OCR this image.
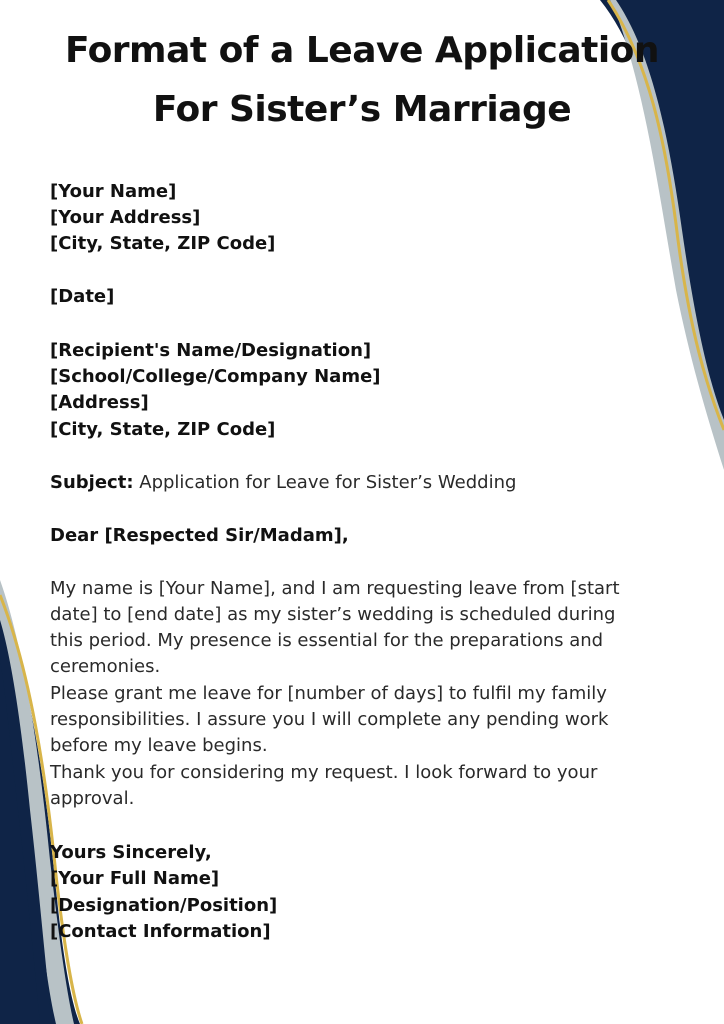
Format of a Leave Application
For Sister’s Marriage
[Your Name]
[Your Address]
[City, State, ZIP Code]
[Date]
[Recipient's Name/Designation]
[School/College/Company Name]
[Address]
[City, State, ZIP Code]
Subject: Application for Leave for Sister’s Wedding
Dear [Respected Sir/Madam],
My name is [Your Name], and I am requesting leave from [start
date] to [end date] as my sister’s wedding is scheduled during
this period. My presence is essential for the preparations and
ceremonies.
Please grant me leave for [number of days] to fulfil my family
responsibilities. I assure you I will complete any pending work
before my leave begins.
Thank you for considering my request. I look forward to your
approval.
Yours Sincerely,
[Your Full Name]
[Designation/Position]
[Contact Information]
